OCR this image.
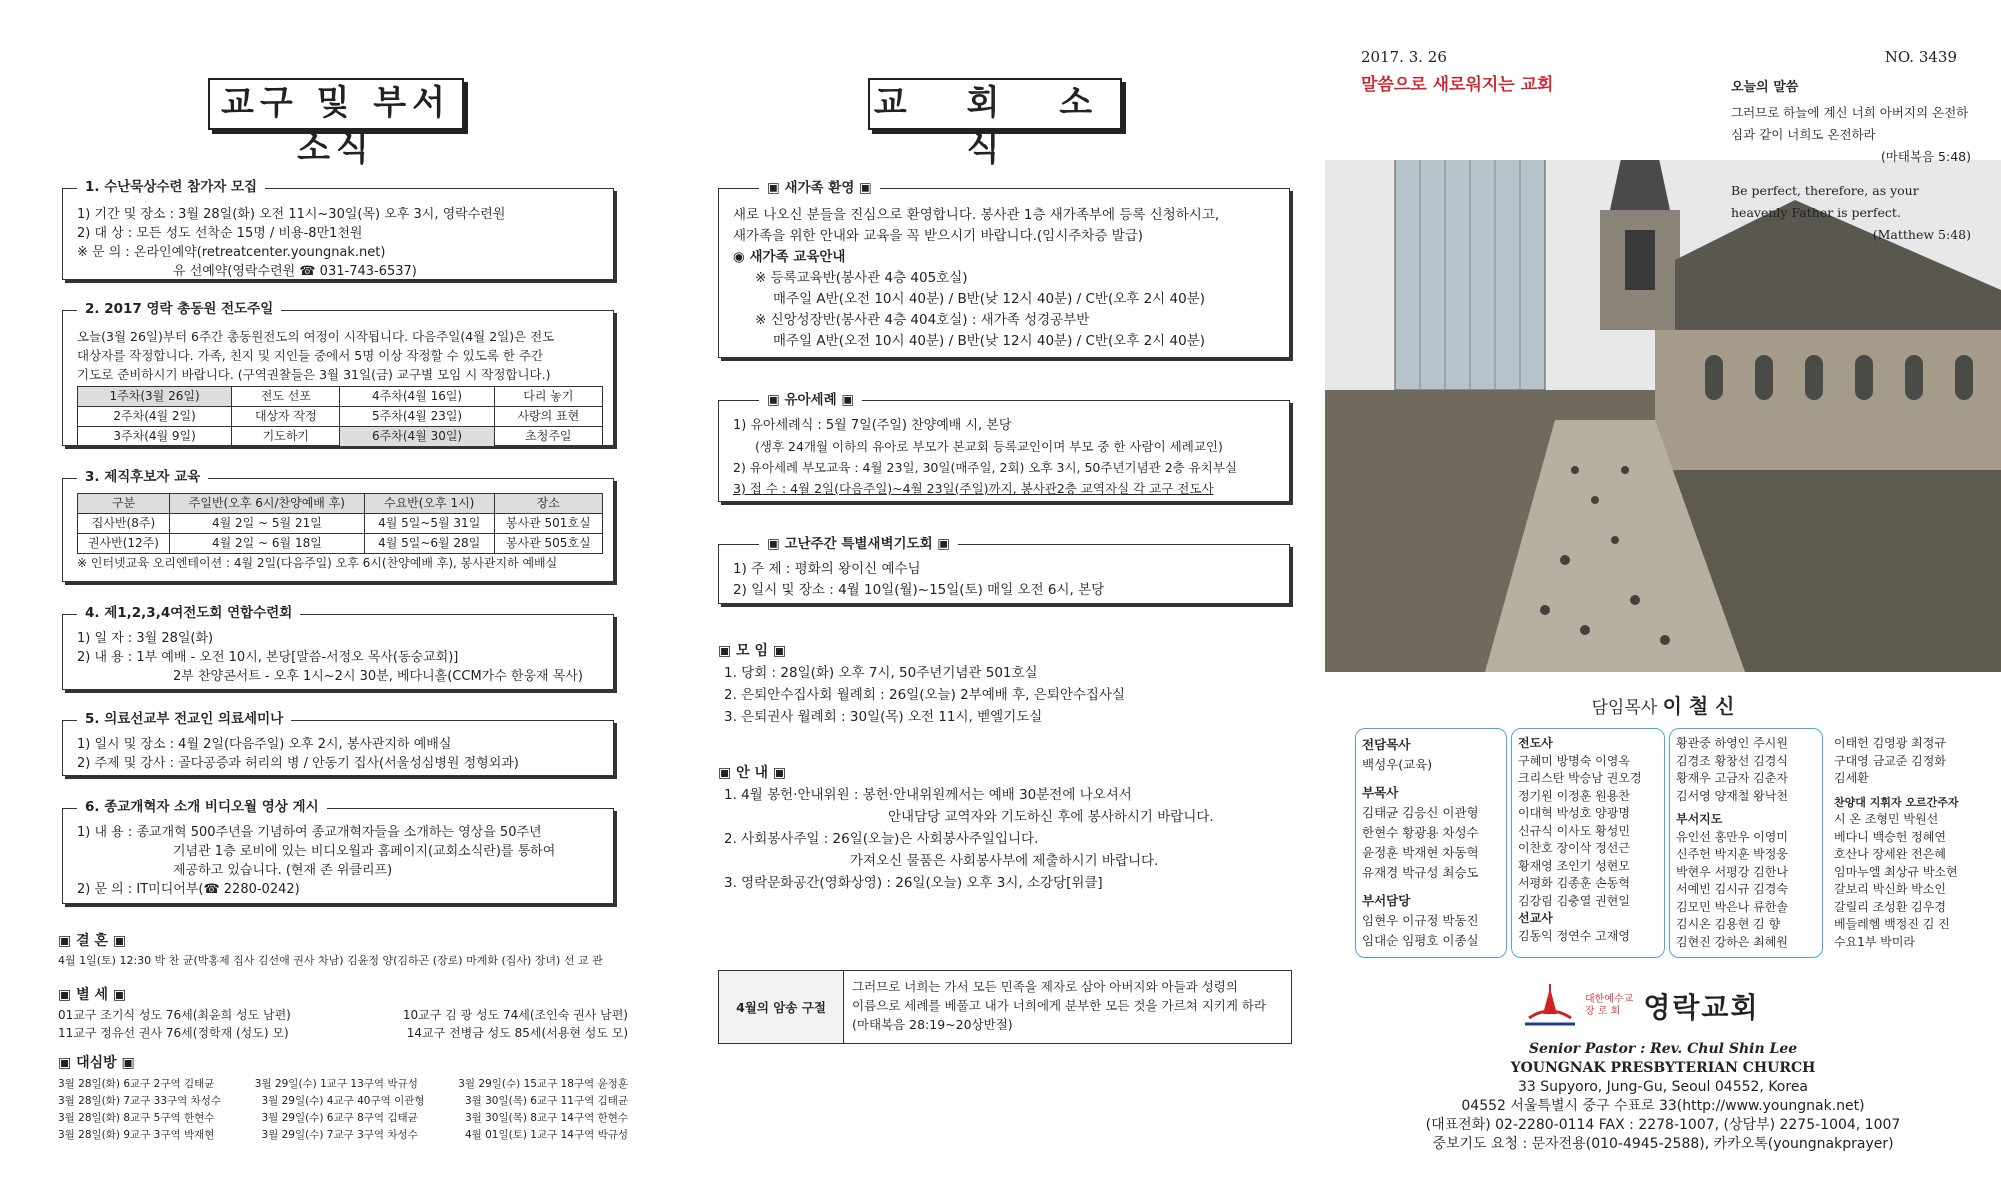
교구 및 부서소식
1. 수난묵상수련 참가자 모집
1) 기간 및 장소 : 3월 28일(화) 오전 11시~30일(목) 오후 3시, 영락수련원
2) 대 상 : 모든 성도 선착순 15명 / 비용-8만1천원
※ 문 의 : 온라인예약(retreatcenter.youngnak.net)
유 선예약(영락수련원 ☎ 031-743-6537)
2. 2017 영락 총동원 전도주일
오늘(3월 26일)부터 6주간 총동원전도의 여정이 시작됩니다. 다음주일(4월 2일)은 전도
대상자를 작정합니다. 가족, 친지 및 지인들 중에서 5명 이상 작정할 수 있도록 한 주간
기도로 준비하시기 바랍니다. (구역권찰들은 3월 31일(금) 교구별 모임 시 작정합니다.)
1주차(3월 26일)	전도 선포	4주차(4월 16일)	다리 놓기
2주차(4월 2일)	대상자 작정	5주차(4월 23일)	사랑의 표현
3주차(4월 9일)	기도하기	6주차(4월 30일)	초청주일
3. 제직후보자 교육
구분	주일반(오후 6시/찬양예배 후)	수요반(오후 1시)	장소
집사반(8주)	4월 2일 ~ 5월 21일	4월 5일~5월 31일	봉사관 501호실
권사반(12주)	4월 2일 ~ 6월 18일	4월 5일~6월 28일	봉사관 505호실
※ 인터넷교육 오리엔테이션 : 4월 2일(다음주일) 오후 6시(찬양예배 후), 봉사관지하 예배실
4. 제1,2,3,4여전도회 연합수련회
1) 일 자 : 3월 28일(화)
2) 내 용 : 1부 예배 - 오전 10시, 본당[말씀-서정오 목사(동숭교회)]
2부 찬양콘서트 - 오후 1시~2시 30분, 베다니홀(CCM가수 한웅재 목사)
5. 의료선교부 전교인 의료세미나
1) 일시 및 장소 : 4월 2일(다음주일) 오후 2시, 봉사관지하 예배실
2) 주제 및 강사 : 골다공증과 허리의 병 / 안동기 집사(서울성심병원 정형외과)
6. 종교개혁자 소개 비디오월 영상 게시
1) 내 용 : 종교개혁 500주년을 기념하여 종교개혁자들을 소개하는 영상을 50주년
기념관 1층 로비에 있는 비디오월과 홈페이지(교회소식란)를 통하여
제공하고 있습니다. (현재 존 위클리프)
2) 문 의 : IT미디어부(☎ 2280-0242)
▣ 결 혼 ▣
4월 1일(토) 12:30 박 찬 균(박홍제 집사 김선애 권사 차남) 김윤정 양(김하곤 (장로) 마계화 (집사) 장녀) 선 교 관
▣ 별 세 ▣
01교구 조기식 성도 76세(최윤희 성도 남편)	10교구 김 광 성도 74세(조인숙 권사 남편)
11교구 정유선 권사 76세(정학재 (성도) 모)	14교구 전병금 성도 85세(서용현 성도 모)
▣ 대심방 ▣
3월 28일(화) 6교구 2구역 김태균	3월 29일(수) 1교구 13구역 박규성	3월 29일(수) 15교구 18구역 윤정훈
3월 28일(화) 7교구 33구역 차성수	3월 29일(수) 4교구 40구역 이관형	3월 30일(목) 6교구 11구역 김태균
3월 28일(화) 8교구 5구역 한현수	3월 29일(수) 6교구 8구역 김태균	3월 30일(목) 8교구 14구역 한현수
3월 28일(화) 9교구 3구역 박재현	3월 29일(수) 7교구 3구역 차성수	4월 01일(토) 1교구 14구역 박규성
교 회 소 식
▣ 새가족 환영 ▣
새로 나오신 분들을 진심으로 환영합니다. 봉사관 1층 새가족부에 등록 신청하시고,
새가족을 위한 안내와 교육을 꼭 받으시기 바랍니다.(임시주차증 발급)
◉ 새가족 교육안내
※ 등록교육반(봉사관 4층 405호실)
매주일 A반(오전 10시 40분) / B반(낮 12시 40분) / C반(오후 2시 40분)
※ 신앙성장반(봉사관 4층 404호실) : 새가족 성경공부반
매주일 A반(오전 10시 40분) / B반(낮 12시 40분) / C반(오후 2시 40분)
▣ 유아세례 ▣
1) 유아세례식 : 5월 7일(주일) 찬양예배 시, 본당
(생후 24개월 이하의 유아로 부모가 본교회 등록교인이며 부모 중 한 사람이 세례교인)
2) 유아세례 부모교육 : 4월 23일, 30일(매주일, 2회) 오후 3시, 50주년기념관 2층 유치부실
3) 접 수 : 4월 2일(다음주일)~4월 23일(주일)까지, 봉사관2층 교역자실 각 교구 전도사
▣ 고난주간 특별새벽기도회 ▣
1) 주 제 : 평화의 왕이신 예수님
2) 일시 및 장소 : 4월 10일(월)~15일(토) 매일 오전 6시, 본당
▣ 모 임 ▣
1. 당회 : 28일(화) 오후 7시, 50주년기념관 501호실
2. 은퇴안수집사회 월례회 : 26일(오늘) 2부예배 후, 은퇴안수집사실
3. 은퇴권사 월례회 : 30일(목) 오전 11시, 벧엘기도실
▣ 안 내 ▣
1. 4월 봉헌·안내위원 : 봉헌·안내위원께서는 예배 30분전에 나오셔서
안내담당 교역자와 기도하신 후에 봉사하시기 바랍니다.
2. 사회봉사주일 : 26일(오늘)은 사회봉사주일입니다.
가져오신 물품은 사회봉사부에 제출하시기 바랍니다.
3. 영락문화공간(영화상영) : 26일(오늘) 오후 3시, 소강당[위클]
4월의 암송 구절
그러므로 너희는 가서 모든 민족을 제자로 삼아 아버지와 아들과 성령의
이름으로 세례를 베풀고 내가 너희에게 분부한 모든 것을 가르쳐 지키게 하라
(마태복음 28:19~20상반절)
2017. 3. 26
말씀으로 새로워지는 교회
NO. 3439
오늘의 말씀
그러므로 하늘에 계신 너희 아버지의 온전하심과 같이 너희도 온전하라
(마태복음 5:48)
Be perfect, therefore, as your heavenly Father is perfect.
(Matthew 5:48)
담임목사 이 철 신
전담목사
백성우(교육)
부목사
김태균 김응신 이관형
한현수 황광용 차성수
윤정훈 박재현 차동혁
유재경 박규성 최승도
부서담당
임현우 이규정 박동진
임대순 임평호 이종실
전도사
구혜미 방명숙 이영옥
크리스탄 박승남 권오경
정기원 이정훈 원용찬
이대혁 박성호 양광명
신규식 이사도 황성민
이찬호 장이삭 정선근
황재영 조인기 성현모
서평화 김종훈 손동혁
김강림 김충열 권현일
선교사
김동익 정연수 고재영
황관중 하영인 주시원
김경조 황창선 김경식
황재우 고금자 김춘자
김서영 양재철 왕낙천
부서지도
유인선 홍만우 이영미
신주헌 박지훈 박정웅
박현우 서평강 김한나
서예빈 김시규 김경숙
김모민 박은나 류한솔
김시온 김용현 김 향
김현진 강하은 최혜원
이태헌 김영광 최정규
구대영 금교준 김정화
김세환
찬양대 지휘자 오르간주자
시 온 조형민 박원선
베다니 백승헌 정혜연
호산나 장세완 전은혜
임마누엘 최상규 박소현
갈보리 박신화 박소인
갈릴리 조성환 김우경
베들레헴 백정진 김 진
수요1부 박미라
대한예수교
장 로 회 영락교회
Senior Pastor : Rev. Chul Shin Lee
YOUNGNAK PRESBYTERIAN CHURCH
33 Supyoro, Jung-Gu, Seoul 04552, Korea
04552 서울특별시 중구 수표로 33(http://www.youngnak.net)
(대표전화) 02-2280-0114 FAX : 2278-1007, (상담부) 2275-1004, 1007
중보기도 요청 : 문자전용(010-4945-2588), 카카오톡(youngnakprayer)
